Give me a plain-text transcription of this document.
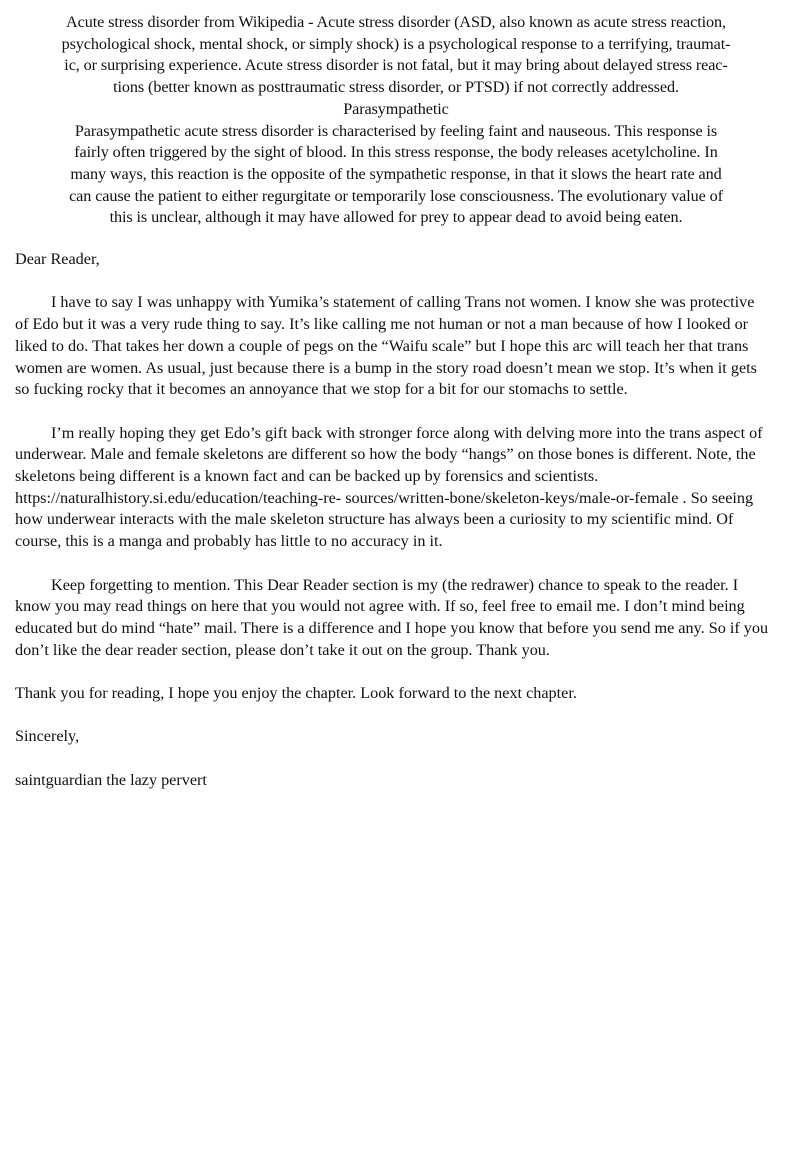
Acute stress disorder from Wikipedia - Acute stress disorder (ASD, also known as acute stress reaction,
psychological shock, mental shock, or simply shock) is a psychological response to a terrifying, traumat-
ic, or surprising experience. Acute stress disorder is not fatal, but it may bring about delayed stress reac-
tions (better known as posttraumatic stress disorder, or PTSD) if not correctly addressed.
Parasympathetic
Parasympathetic acute stress disorder is characterised by feeling faint and nauseous. This response is
fairly often triggered by the sight of blood. In this stress response, the body releases acetylcholine. In
many ways, this reaction is the opposite of the sympathetic response, in that it slows the heart rate and
can cause the patient to either regurgitate or temporarily lose consciousness. The evolutionary value of
this is unclear, although it may have allowed for prey to appear dead to avoid being eaten.

Dear Reader,

I have to say I was unhappy with Yumika’s statement of calling Trans not women. I know she was protective of Edo but it was a very rude thing to say. It’s like calling me not human or not a man because of how I looked or liked to do. That takes her down a couple of pegs on the “Waifu scale” but I hope this arc will teach her that trans women are women. As usual, just because there is a bump in the story road doesn’t mean we stop. It’s when it gets so fucking rocky that it becomes an annoyance that we stop for a bit for our stomachs to settle.

I’m really hoping they get Edo’s gift back with stronger force along with delving more into the trans aspect of underwear. Male and female skeletons are different so how the body “hangs” on those bones is different. Note, the skeletons being different is a known fact and can be backed up by forensics and scientists. https://naturalhistory.si.edu/education/teaching-re- sources/written-bone/skeleton-keys/male-or-female . So seeing how underwear interacts with the male skeleton structure has always been a curiosity to my scientific mind. Of course, this is a manga and probably has little to no accuracy in it.

Keep forgetting to mention. This Dear Reader section is my (the redrawer) chance to speak to the reader. I know you may read things on here that you would not agree with. If so, feel free to email me. I don’t mind being educated but do mind “hate” mail. There is a difference and I hope you know that before you send me any. So if you don’t like the dear reader section, please don’t take it out on the group. Thank you.

Thank you for reading, I hope you enjoy the chapter. Look forward to the next chapter.

Sincerely,

saintguardian the lazy pervert
